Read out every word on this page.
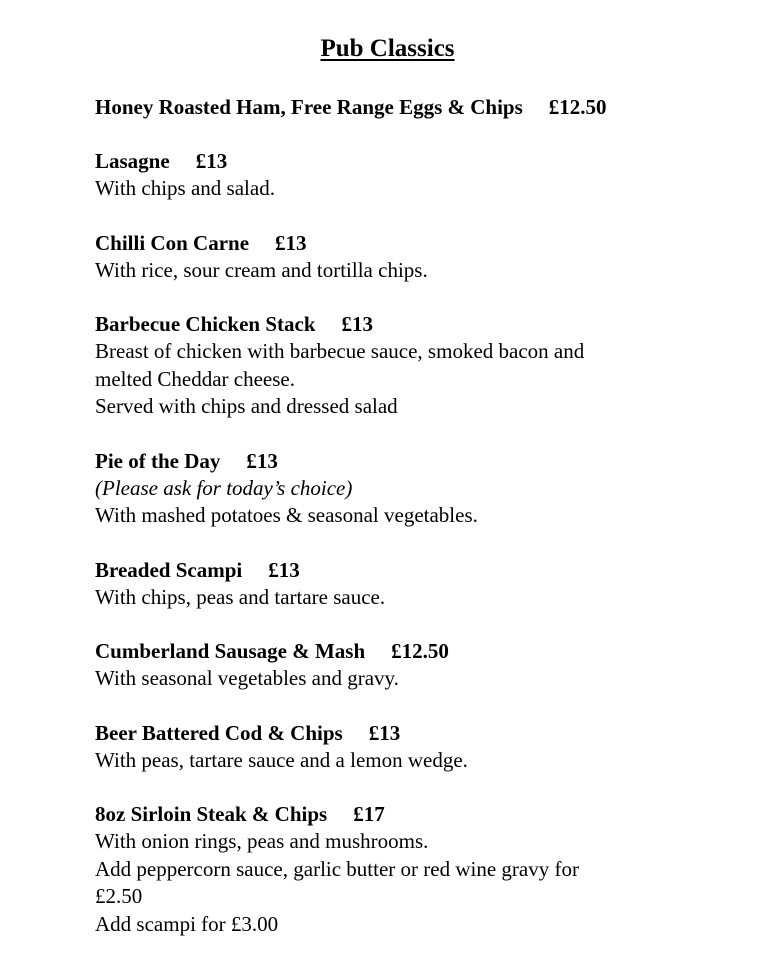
Pub Classics
Honey Roasted Ham, Free Range Eggs & Chips £12.50
Lasagne £13
With chips and salad.
Chilli Con Carne £13
With rice, sour cream and tortilla chips.
Barbecue Chicken Stack £13
Breast of chicken with barbecue sauce, smoked bacon and
melted Cheddar cheese.
Served with chips and dressed salad
Pie of the Day £13
(Please ask for today’s choice)
With mashed potatoes & seasonal vegetables.
Breaded Scampi £13
With chips, peas and tartare sauce.
Cumberland Sausage & Mash £12.50
With seasonal vegetables and gravy.
Beer Battered Cod & Chips £13
With peas, tartare sauce and a lemon wedge.
8oz Sirloin Steak & Chips £17
With onion rings, peas and mushrooms.
Add peppercorn sauce, garlic butter or red wine gravy for
£2.50
Add scampi for £3.00
